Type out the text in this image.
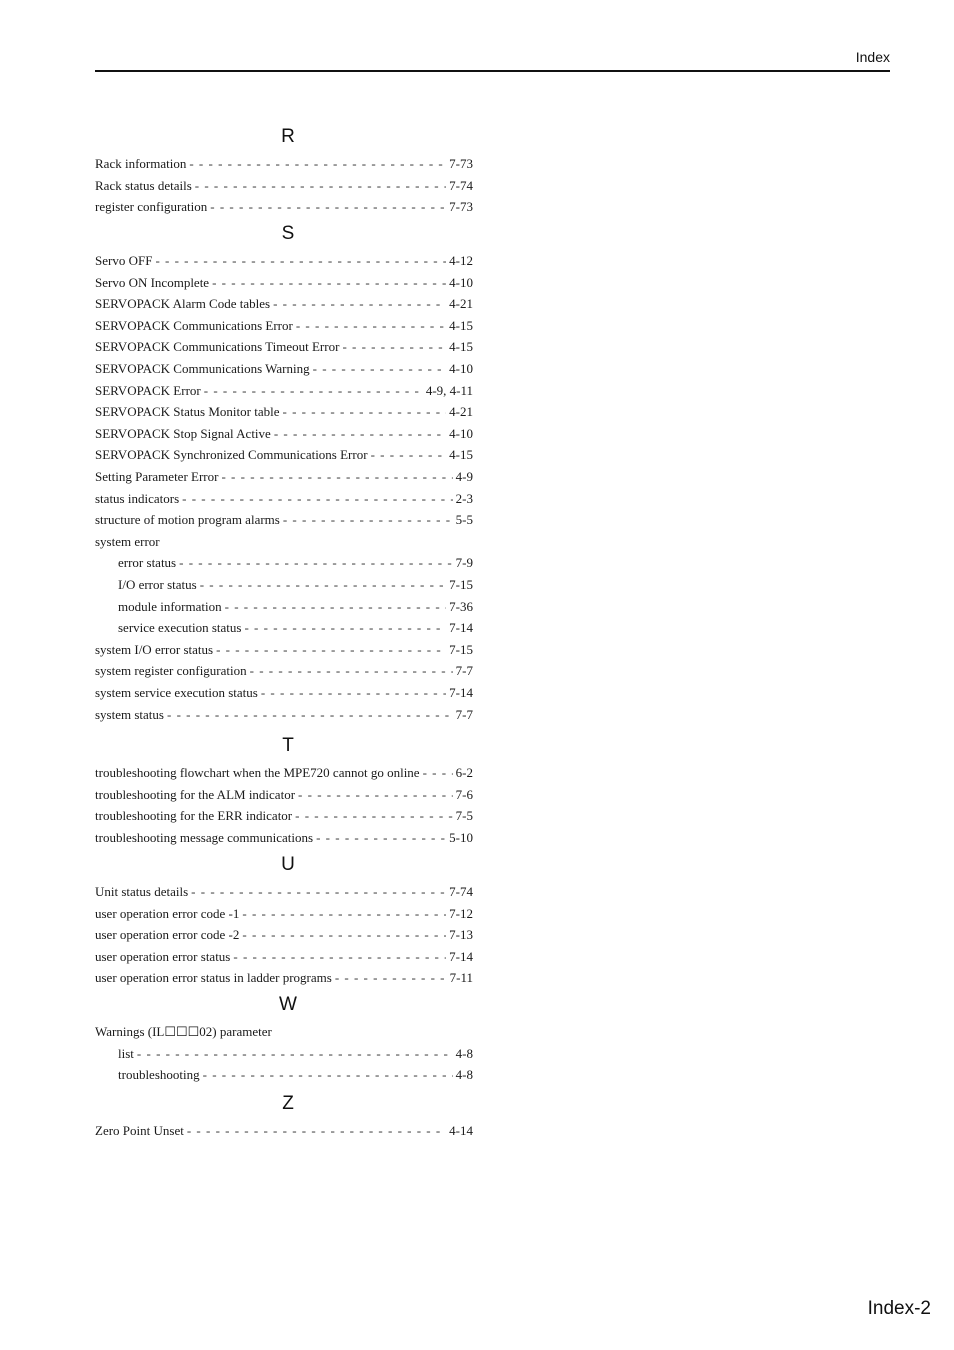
Index
R
Rack information - - -	7-73
Rack status details - - -	7-74
register configuration - - -	7-73
S
Servo OFF - - -	4-12
Servo ON Incomplete - - -	4-10
SERVOPACK Alarm Code tables - - -	4-21
SERVOPACK Communications Error - - -	4-15
SERVOPACK Communications Timeout Error - - -	4-15
SERVOPACK Communications Warning - - -	4-10
SERVOPACK Error - - -	4-9, 4-11
SERVOPACK Status Monitor table - - -	4-21
SERVOPACK Stop Signal Active - - -	4-10
SERVOPACK Synchronized Communications Error - - -	4-15
Setting Parameter Error - - -	4-9
status indicators - - -	2-3
structure of motion program alarms - - -	5-5
system error
error status - - -	7-9
I/O error status - - -	7-15
module information - - -	7-36
service execution status - - -	7-14
system I/O error status - - -	7-15
system register configuration - - -	7-7
system service execution status - - -	7-14
system status - - -	7-7
T
troubleshooting flowchart when the MPE720 cannot go online - - -	6-2
troubleshooting for the ALM indicator - - -	7-6
troubleshooting for the ERR indicator - - -	7-5
troubleshooting message communications - - -	5-10
U
Unit status details - - -	7-74
user operation error code -1 - - -	7-12
user operation error code -2 - - -	7-13
user operation error status - - -	7-14
user operation error status in ladder programs - - -	7-11
W
Warnings (IL☐☐☐02) parameter
list - - -	4-8
troubleshooting - - -	4-8
Z
Zero Point Unset - - -	4-14
Index-2
